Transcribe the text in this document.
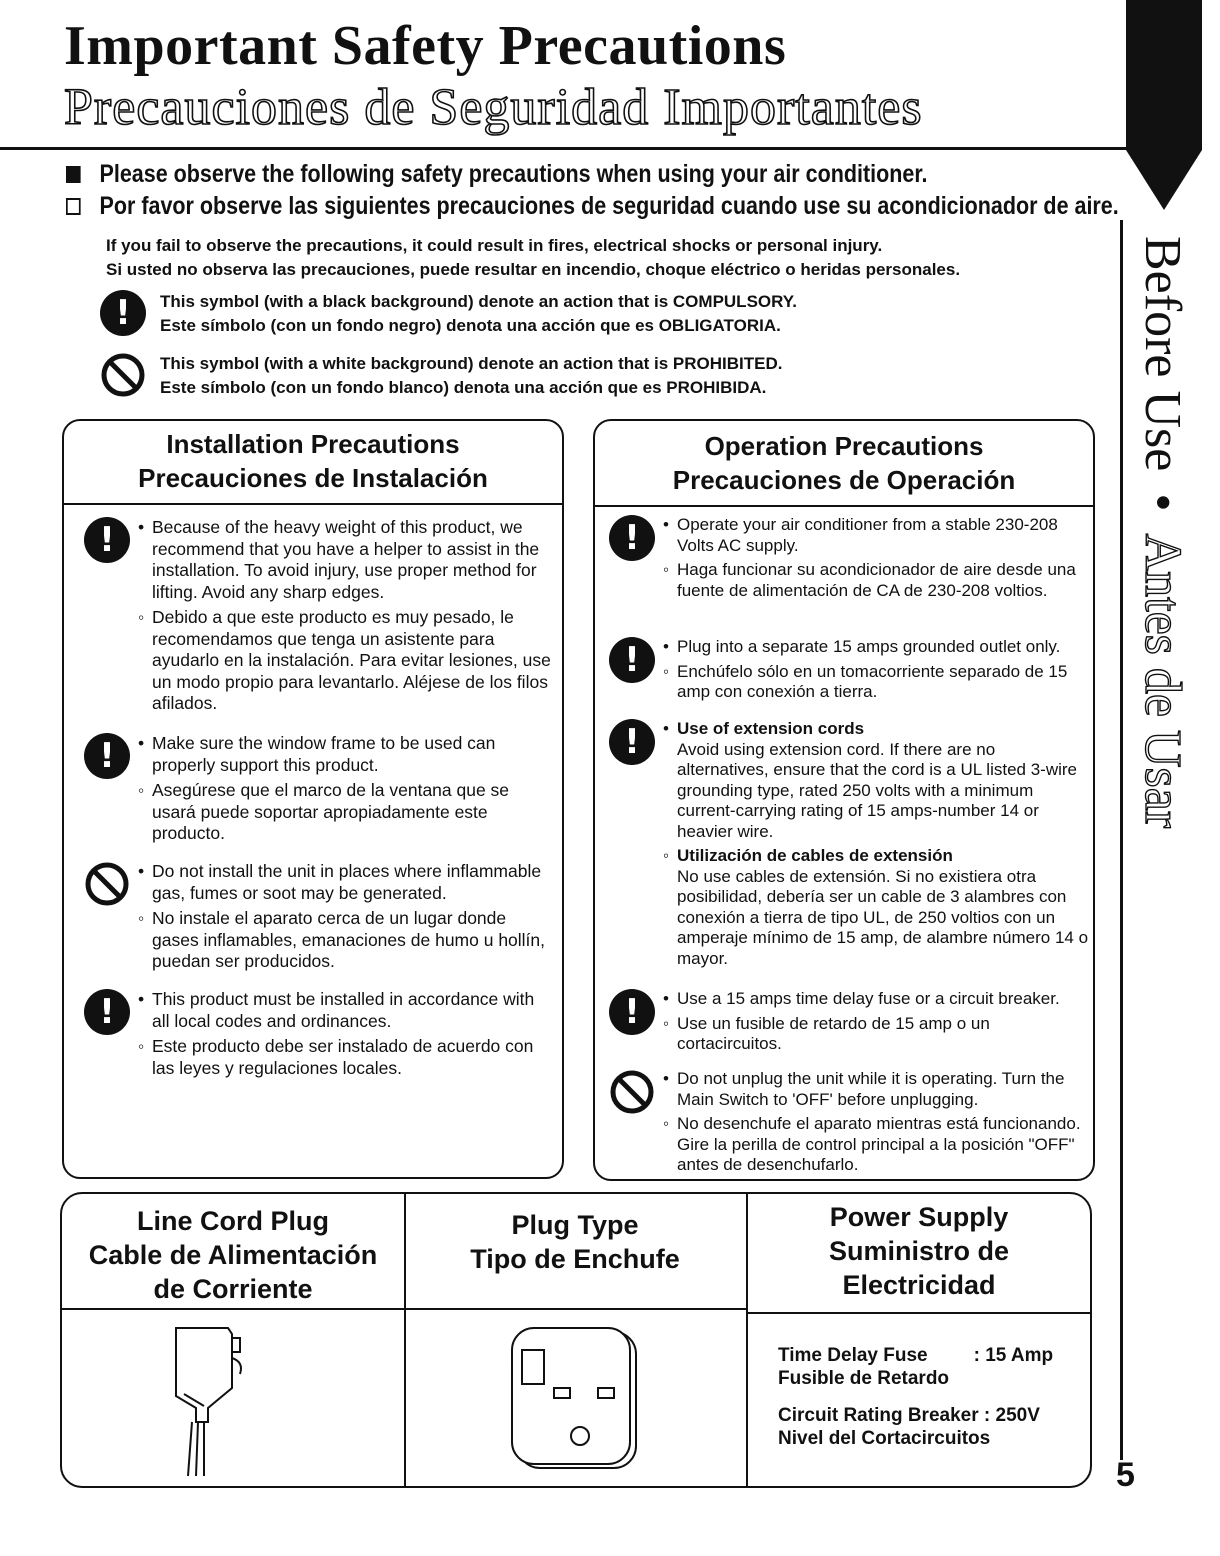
Important Safety Precautions
Precauciones de Seguridad Importantes
Before Use•Antes de Usar
5
Please observe the following safety precautions when using your air conditioner.
Por favor observe las siguientes precauciones de seguridad cuando use su acondicionador de aire.
If you fail to observe the precautions, it could result in fires, electrical shocks or personal injury.
Si usted no observa las precauciones, puede resultar en incendio, choque eléctrico o heridas personales.
!	This symbol (with a black background) denote an action that is COMPULSORY.
Este símbolo (con un fondo negro) denota una acción que es OBLIGATORIA.
This symbol (with a white background) denote an action that is PROHIBITED.
Este símbolo (con un fondo blanco) denota una acción que es PROHIBIDA.
Installation Precautions
Precauciones de Instalación
! •	Because of the heavy weight of this product, we recommend that you have a helper to assist in the installation. To avoid injury, use proper method for lifting. Avoid any sharp edges.
◦
Debido a que este producto es muy pesado, le recomendamos que tenga un asistente para ayudarlo en la instalación. Para evitar lesiones, use un modo propio para levantarlo. Aléjese de los filos afilados.
! •	Make sure the window frame to be used can properly support this product.
◦
Asegúrese que el marco de la ventana que se usará puede soportar apropiadamente este producto.
•
Do not install the unit in places where inflammable gas, fumes or soot may be generated.
◦
No instale el aparato cerca de un lugar donde gases inflamables, emanaciones de humo u hollín, puedan ser producidos.
! •	This product must be installed in accordance with all local codes and ordinances.
◦
Este producto debe ser instalado de acuerdo con las leyes y regulaciones locales.
Operation Precautions
Precauciones de Operación
! •	Operate your air conditioner from a stable 230-208 Volts AC supply.
◦
Haga funcionar su acondicionador de aire desde una fuente de alimentación de CA de 230-208 voltios.
! •	Plug into a separate 15 amps grounded outlet only.
◦
Enchúfelo sólo en un tomacorriente separado de 15 amp con conexión a tierra.
! •	Use of extension cords
Avoid using extension cord. If there are no alternatives, ensure that the cord is a UL listed 3-wire grounding type, rated 250 volts with a minimum current-carrying rating of 15 amps-number 14 or heavier wire.
◦
Utilización de cables de extensión
No use cables de extensión. Si no existiera otra posibilidad, debería ser un cable de 3 alambres con conexión a tierra de tipo UL, de 250 voltios con un amperaje mínimo de 15 amp, de alambre número 14 o mayor.
! •	Use a 15 amps time delay fuse or a circuit breaker.
◦
Use un fusible de retardo de 15 amp o un cortacircuitos.
•
Do not unplug the unit while it is operating. Turn the Main Switch to 'OFF' before unplugging.
◦
No desenchufe el aparato mientras está funcionando. Gire la perilla de control principal a la posición "OFF" antes de desenchufarlo.
Line Cord Plug
Cable de Alimentación
de Corriente
Plug Type
Tipo de Enchufe
Power Supply
Suministro de
Electricidad
Time Delay Fuse : 15 Amp
Fusible de Retardo
Circuit Rating Breaker : 250V
Nivel del Cortacircuitos
